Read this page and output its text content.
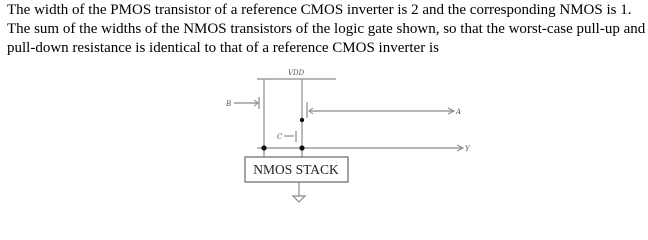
The width of the PMOS transistor of a reference CMOS inverter is 2 and the corresponding NMOS is 1.
The sum of the widths of the NMOS transistors of the logic gate shown, so that the worst-case pull-up and
pull-down resistance is identical to that of a reference CMOS inverter is
VDD
B
C
A
Y
NMOS STACK
